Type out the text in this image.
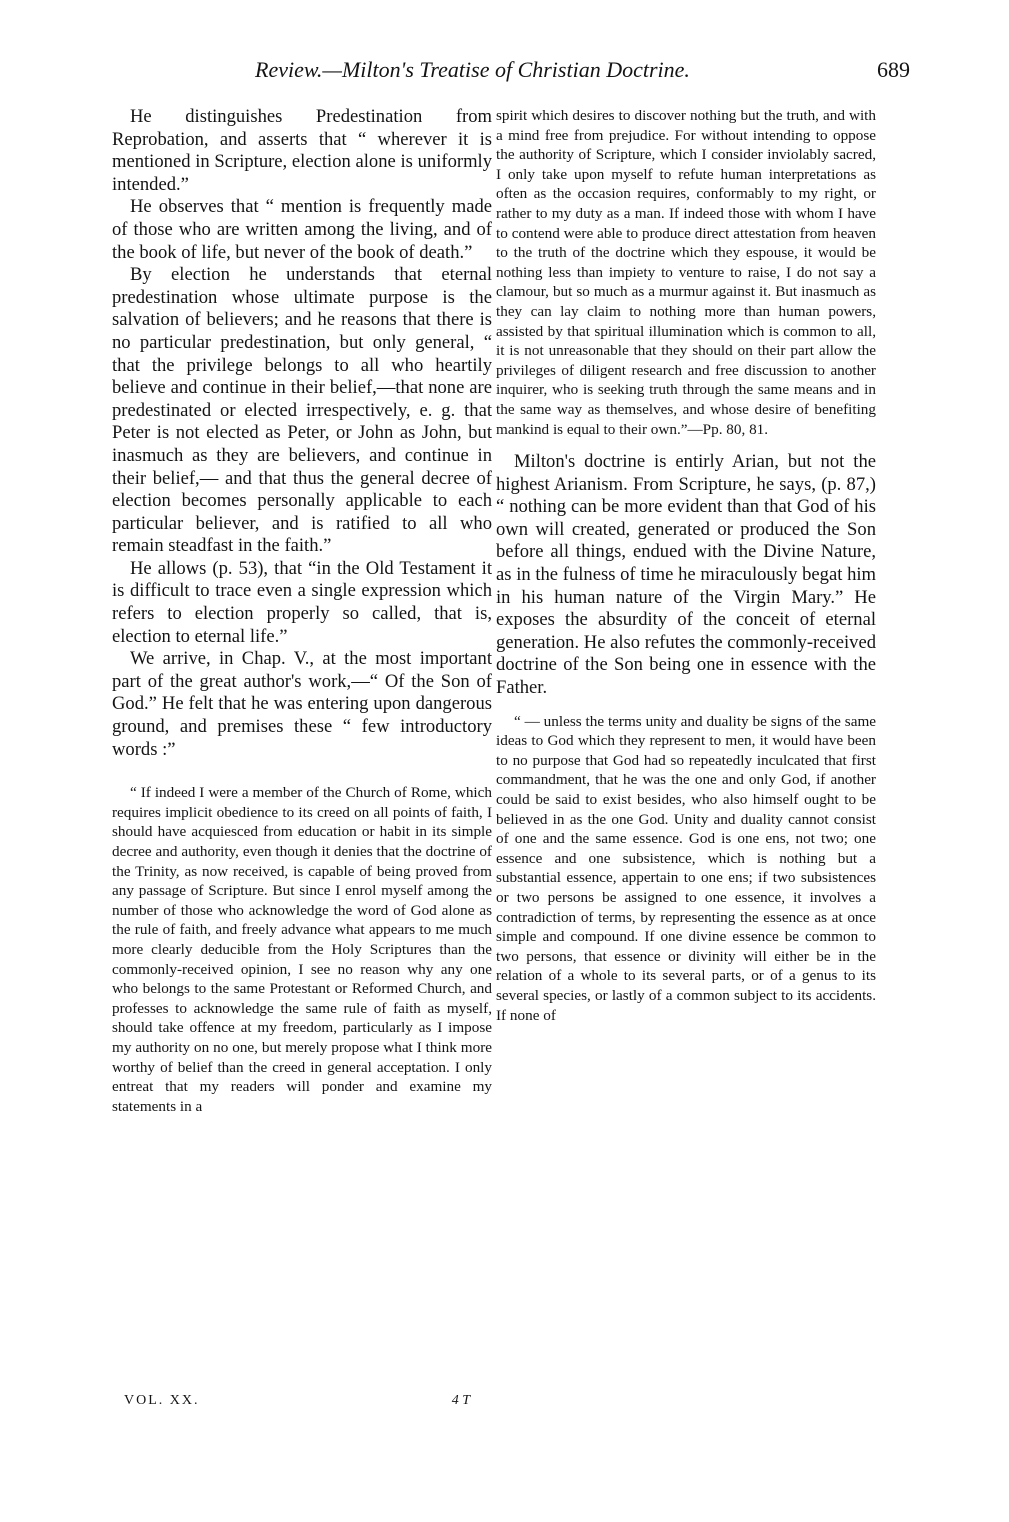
Review.—Milton's Treatise of Christian Doctrine.	689

He distinguishes Predestination from Reprobation, and asserts that “ wherever it is mentioned in Scripture, election alone is uniformly intended.”

He observes that “ mention is frequently made of those who are written among the living, and of the book of life, but never of the book of death.”

By election he understands that eternal predestination whose ultimate purpose is the salvation of believers; and he reasons that there is no particular predestination, but only general, “ that the privilege belongs to all who heartily believe and continue in their belief,—that none are predestinated or elected irrespectively, e. g. that Peter is not elected as Peter, or John as John, but inasmuch as they are believers, and continue in their belief,— and that thus the general decree of election becomes personally applicable to each particular believer, and is ratified to all who remain steadfast in the faith.”

He allows (p. 53), that “in the Old Testament it is difficult to trace even a single expression which refers to election properly so called, that is, election to eternal life.”

We arrive, in Chap. V., at the most important part of the great author's work,—“ Of the Son of God.” He felt that he was entering upon dangerous ground, and premises these “ few introductory words :”

“ If indeed I were a member of the Church of Rome, which requires implicit obedience to its creed on all points of faith, I should have acquiesced from education or habit in its simple decree and authority, even though it denies that the doctrine of the Trinity, as now received, is capable of being proved from any passage of Scripture. But since I enrol myself among the number of those who acknowledge the word of God alone as the rule of faith, and freely advance what appears to me much more clearly deducible from the Holy Scriptures than the commonly-received opinion, I see no reason why any one who belongs to the same Protestant or Reformed Church, and professes to acknowledge the same rule of faith as myself, should take offence at my freedom, particularly as I impose my authority on no one, but merely propose what I think more worthy of belief than the creed in general acceptation. I only entreat that my readers will ponder and examine my statements in a

spirit which desires to discover nothing but the truth, and with a mind free from prejudice. For without intending to oppose the authority of Scripture, which I consider inviolably sacred, I only take upon myself to refute human interpretations as often as the occasion requires, conformably to my right, or rather to my duty as a man. If indeed those with whom I have to contend were able to produce direct attestation from heaven to the truth of the doctrine which they espouse, it would be nothing less than impiety to venture to raise, I do not say a clamour, but so much as a murmur against it. But inasmuch as they can lay claim to nothing more than human powers, assisted by that spiritual illumination which is common to all, it is not unreasonable that they should on their part allow the privileges of diligent research and free discussion to another inquirer, who is seeking truth through the same means and in the same way as themselves, and whose desire of benefiting mankind is equal to their own.”—Pp. 80, 81.

Milton's doctrine is entirly Arian, but not the highest Arianism. From Scripture, he says, (p. 87,) “ nothing can be more evident than that God of his own will created, generated or produced the Son before all things, endued with the Divine Nature, as in the fulness of time he miraculously begat him in his human nature of the Virgin Mary.” He exposes the absurdity of the conceit of eternal generation. He also refutes the commonly-received doctrine of the Son being one in essence with the Father.

“ — unless the terms unity and duality be signs of the same ideas to God which they represent to men, it would have been to no purpose that God had so repeatedly inculcated that first commandment, that he was the one and only God, if another could be said to exist besides, who also himself ought to be believed in as the one God. Unity and duality cannot consist of one and the same essence. God is one ens, not two; one essence and one subsistence, which is nothing but a substantial essence, appertain to one ens; if two subsistences or two persons be assigned to one essence, it involves a contradiction of terms, by representing the essence as at once simple and compound. If one divine essence be common to two persons, that essence or divinity will either be in the relation of a whole to its several parts, or of a genus to its several species, or lastly of a common subject to its accidents. If none of

VOL. XX.	4 T
